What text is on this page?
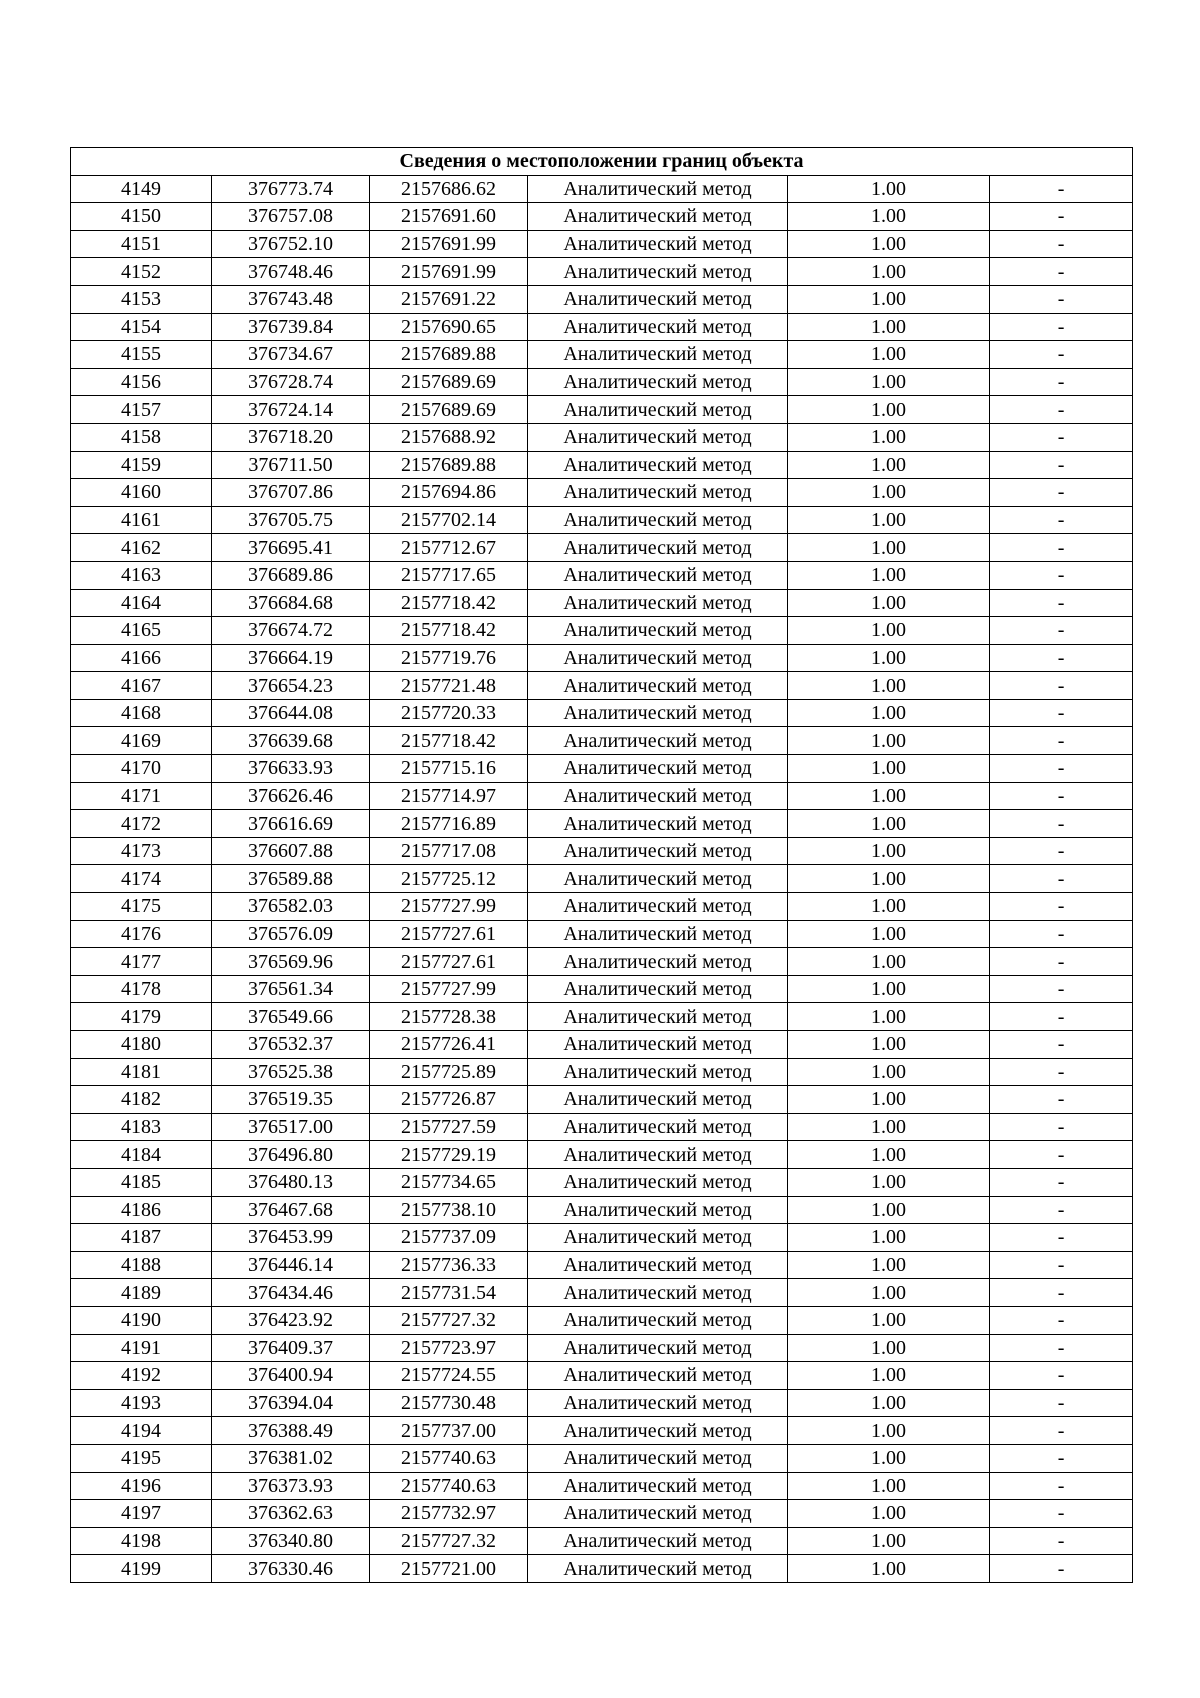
Сведения о местоположении границ объекта					
4149	376773.74	2157686.62	Аналитический метод	1.00	-
4150	376757.08	2157691.60	Аналитический метод	1.00	-
4151	376752.10	2157691.99	Аналитический метод	1.00	-
4152	376748.46	2157691.99	Аналитический метод	1.00	-
4153	376743.48	2157691.22	Аналитический метод	1.00	-
4154	376739.84	2157690.65	Аналитический метод	1.00	-
4155	376734.67	2157689.88	Аналитический метод	1.00	-
4156	376728.74	2157689.69	Аналитический метод	1.00	-
4157	376724.14	2157689.69	Аналитический метод	1.00	-
4158	376718.20	2157688.92	Аналитический метод	1.00	-
4159	376711.50	2157689.88	Аналитический метод	1.00	-
4160	376707.86	2157694.86	Аналитический метод	1.00	-
4161	376705.75	2157702.14	Аналитический метод	1.00	-
4162	376695.41	2157712.67	Аналитический метод	1.00	-
4163	376689.86	2157717.65	Аналитический метод	1.00	-
4164	376684.68	2157718.42	Аналитический метод	1.00	-
4165	376674.72	2157718.42	Аналитический метод	1.00	-
4166	376664.19	2157719.76	Аналитический метод	1.00	-
4167	376654.23	2157721.48	Аналитический метод	1.00	-
4168	376644.08	2157720.33	Аналитический метод	1.00	-
4169	376639.68	2157718.42	Аналитический метод	1.00	-
4170	376633.93	2157715.16	Аналитический метод	1.00	-
4171	376626.46	2157714.97	Аналитический метод	1.00	-
4172	376616.69	2157716.89	Аналитический метод	1.00	-
4173	376607.88	2157717.08	Аналитический метод	1.00	-
4174	376589.88	2157725.12	Аналитический метод	1.00	-
4175	376582.03	2157727.99	Аналитический метод	1.00	-
4176	376576.09	2157727.61	Аналитический метод	1.00	-
4177	376569.96	2157727.61	Аналитический метод	1.00	-
4178	376561.34	2157727.99	Аналитический метод	1.00	-
4179	376549.66	2157728.38	Аналитический метод	1.00	-
4180	376532.37	2157726.41	Аналитический метод	1.00	-
4181	376525.38	2157725.89	Аналитический метод	1.00	-
4182	376519.35	2157726.87	Аналитический метод	1.00	-
4183	376517.00	2157727.59	Аналитический метод	1.00	-
4184	376496.80	2157729.19	Аналитический метод	1.00	-
4185	376480.13	2157734.65	Аналитический метод	1.00	-
4186	376467.68	2157738.10	Аналитический метод	1.00	-
4187	376453.99	2157737.09	Аналитический метод	1.00	-
4188	376446.14	2157736.33	Аналитический метод	1.00	-
4189	376434.46	2157731.54	Аналитический метод	1.00	-
4190	376423.92	2157727.32	Аналитический метод	1.00	-
4191	376409.37	2157723.97	Аналитический метод	1.00	-
4192	376400.94	2157724.55	Аналитический метод	1.00	-
4193	376394.04	2157730.48	Аналитический метод	1.00	-
4194	376388.49	2157737.00	Аналитический метод	1.00	-
4195	376381.02	2157740.63	Аналитический метод	1.00	-
4196	376373.93	2157740.63	Аналитический метод	1.00	-
4197	376362.63	2157732.97	Аналитический метод	1.00	-
4198	376340.80	2157727.32	Аналитический метод	1.00	-
4199	376330.46	2157721.00	Аналитический метод	1.00	-
